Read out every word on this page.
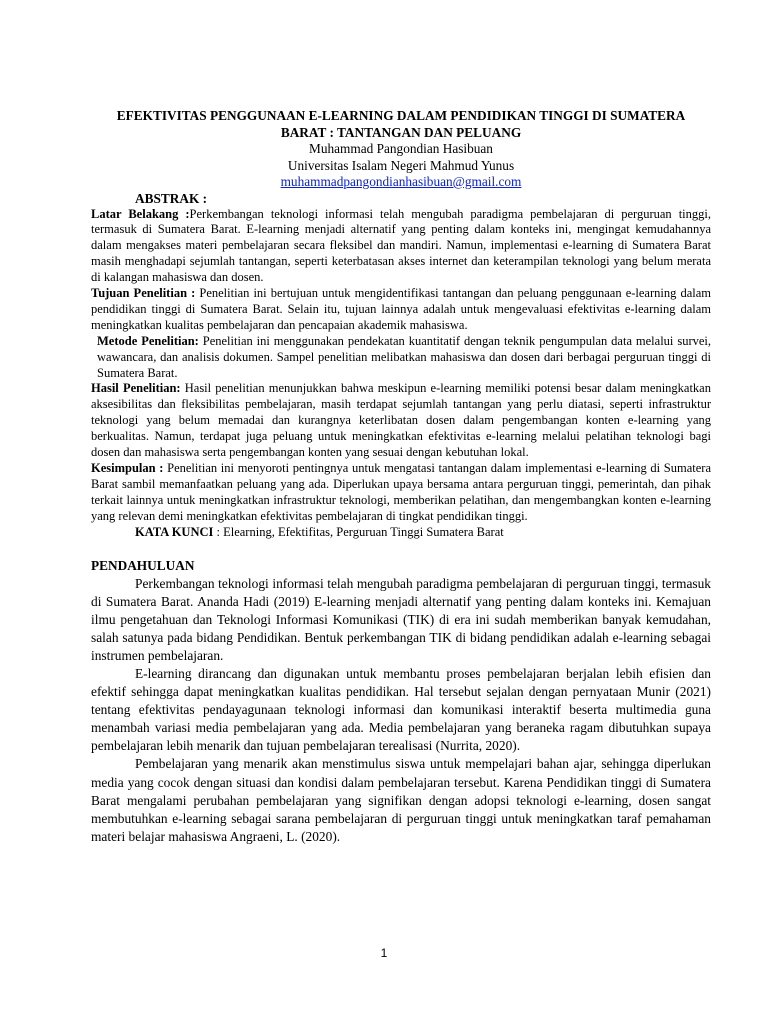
EFEKTIVITAS PENGGUNAAN E-LEARNING DALAM PENDIDIKAN TINGGI DI SUMATERA
BARAT : TANTANGAN DAN PELUANG

Muhammad Pangondian Hasibuan

Universitas Isalam Negeri Mahmud Yunus

muhammadpangondianhasibuan@gmail.com

ABSTRAK :

Latar Belakang :Perkembangan teknologi informasi telah mengubah paradigma pembelajaran di perguruan tinggi, termasuk di Sumatera Barat. E-learning menjadi alternatif yang penting dalam konteks ini, mengingat kemudahannya dalam mengakses materi pembelajaran secara fleksibel dan mandiri. Namun, implementasi e-learning di Sumatera Barat masih menghadapi sejumlah tantangan, seperti keterbatasan akses internet dan keterampilan teknologi yang belum merata di kalangan mahasiswa dan dosen.

Tujuan Penelitian : Penelitian ini bertujuan untuk mengidentifikasi tantangan dan peluang penggunaan e-learning dalam pendidikan tinggi di Sumatera Barat. Selain itu, tujuan lainnya adalah untuk mengevaluasi efektivitas e-learning dalam meningkatkan kualitas pembelajaran dan pencapaian akademik mahasiswa.

Metode Penelitian: Penelitian ini menggunakan pendekatan kuantitatif dengan teknik pengumpulan data melalui survei, wawancara, dan analisis dokumen. Sampel penelitian melibatkan mahasiswa dan dosen dari berbagai perguruan tinggi di Sumatera Barat.

Hasil Penelitian: Hasil penelitian menunjukkan bahwa meskipun e-learning memiliki potensi besar dalam meningkatkan aksesibilitas dan fleksibilitas pembelajaran, masih terdapat sejumlah tantangan yang perlu diatasi, seperti infrastruktur teknologi yang belum memadai dan kurangnya keterlibatan dosen dalam pengembangan konten e-learning yang berkualitas. Namun, terdapat juga peluang untuk meningkatkan efektivitas e-learning melalui pelatihan teknologi bagi dosen dan mahasiswa serta pengembangan konten yang sesuai dengan kebutuhan lokal.

Kesimpulan : Penelitian ini menyoroti pentingnya untuk mengatasi tantangan dalam implementasi e-learning di Sumatera Barat sambil memanfaatkan peluang yang ada. Diperlukan upaya bersama antara perguruan tinggi, pemerintah, dan pihak terkait lainnya untuk meningkatkan infrastruktur teknologi, memberikan pelatihan, dan mengembangkan konten e-learning yang relevan demi meningkatkan efektivitas pembelajaran di tingkat pendidikan tinggi.

KATA KUNCI : Elearning, Efektifitas, Perguruan Tinggi Sumatera Barat

PENDAHULUAN

Perkembangan teknologi informasi telah mengubah paradigma pembelajaran di perguruan tinggi, termasuk di Sumatera Barat. Ananda Hadi (2019) E-learning menjadi alternatif yang penting dalam konteks ini. Kemajuan ilmu pengetahuan dan Teknologi Informasi Komunikasi (TIK) di era ini sudah memberikan banyak kemudahan, salah satunya pada bidang Pendidikan. Bentuk perkembangan TIK di bidang pendidikan adalah e-learning sebagai instrumen pembelajaran.

E-learning dirancang dan digunakan untuk membantu proses pembelajaran berjalan lebih efisien dan efektif sehingga dapat meningkatkan kualitas pendidikan. Hal tersebut sejalan dengan pernyataan Munir (2021) tentang efektivitas pendayagunaan teknologi informasi dan komunikasi interaktif beserta multimedia guna menambah variasi media pembelajaran yang ada. Media pembelajaran yang beraneka ragam dibutuhkan supaya pembelajaran lebih menarik dan tujuan pembelajaran terealisasi (Nurrita, 2020).

Pembelajaran yang menarik akan menstimulus siswa untuk mempelajari bahan ajar, sehingga diperlukan media yang cocok dengan situasi dan kondisi dalam pembelajaran tersebut. Karena Pendidikan tinggi di Sumatera Barat mengalami perubahan pembelajaran yang signifikan dengan adopsi teknologi e-learning, dosen sangat membutuhkan e-learning sebagai sarana pembelajaran di perguruan tinggi untuk meningkatkan taraf pemahaman materi belajar mahasiswa Angraeni, L. (2020).

1
